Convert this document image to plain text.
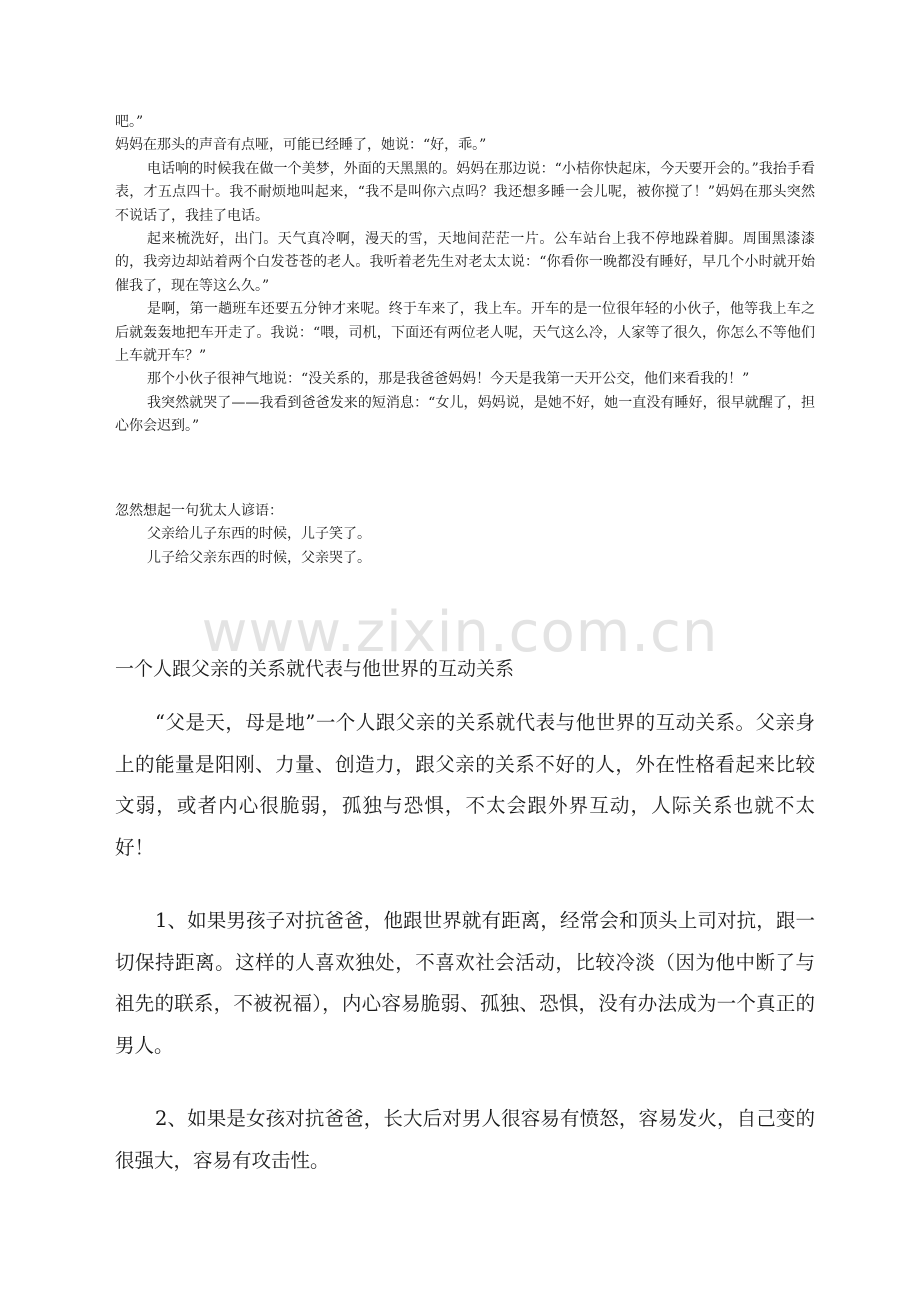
吧。”

妈妈在那头的声音有点哑，可能已经睡了，她说：“好，乖。”

电话响的时候我在做一个美梦，外面的天黑黑的。妈妈在那边说：“小桔你快起床，今天要开会的。”我抬手看表，才五点四十。我不耐烦地叫起来，“我不是叫你六点吗？我还想多睡一会儿呢，被你搅了！”妈妈在那头突然不说话了，我挂了电话。

起来梳洗好，出门。天气真冷啊，漫天的雪，天地间茫茫一片。公车站台上我不停地跺着脚。周围黑漆漆的，我旁边却站着两个白发苍苍的老人。我听着老先生对老太太说：“你看你一晚都没有睡好，早几个小时就开始催我了，现在等这么久。”

是啊，第一趟班车还要五分钟才来呢。终于车来了，我上车。开车的是一位很年轻的小伙子，他等我上车之后就轰轰地把车开走了。我说：“喂，司机，下面还有两位老人呢，天气这么冷，人家等了很久，你怎么不等他们上车就开车？”

那个小伙子很神气地说：“没关系的，那是我爸爸妈妈！今天是我第一天开公交，他们来看我的！”

我突然就哭了——我看到爸爸发来的短消息：“女儿，妈妈说，是她不好，她一直没有睡好，很早就醒了，担心你会迟到。”

忽然想起一句犹太人谚语：

父亲给儿子东西的时候，儿子笑了。

儿子给父亲东西的时候，父亲哭了。

www.zixin.com.cn
一个人跟父亲的关系就代表与他世界的互动关系

“父是天，母是地”一个人跟父亲的关系就代表与他世界的互动关系。父亲身上的能量是阳刚、力量、创造力，跟父亲的关系不好的人，外在性格看起来比较文弱，或者内心很脆弱，孤独与恐惧，不太会跟外界互动，人际关系也就不太好！

1、如果男孩子对抗爸爸，他跟世界就有距离，经常会和顶头上司对抗，跟一切保持距离。这样的人喜欢独处，不喜欢社会活动，比较冷淡（因为他中断了与祖先的联系，不被祝福），内心容易脆弱、孤独、恐惧，没有办法成为一个真正的男人。

2、如果是女孩对抗爸爸，长大后对男人很容易有愤怒，容易发火，自己变的很强大，容易有攻击性。
